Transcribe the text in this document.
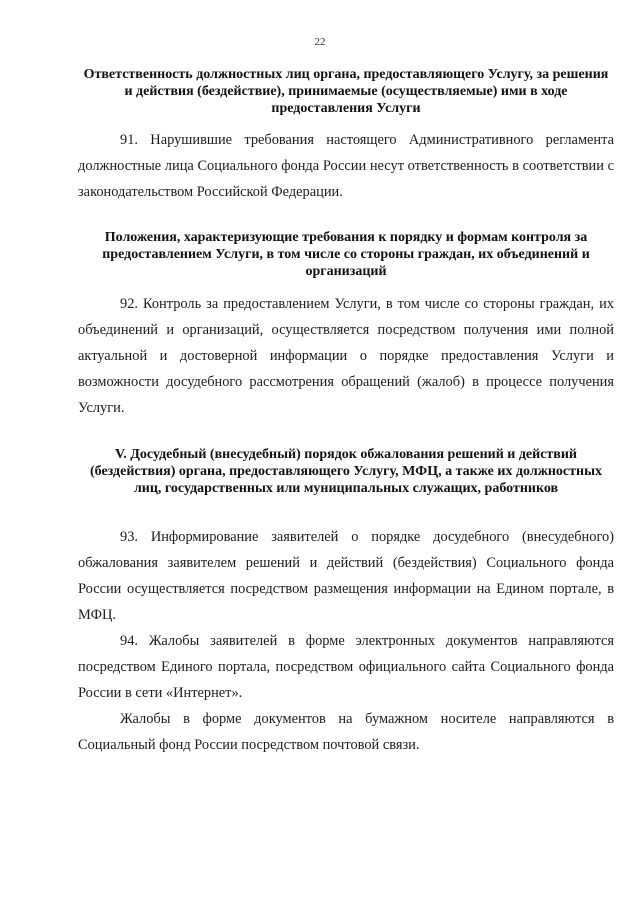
22
Ответственность должностных лиц органа, предоставляющего Услугу, за решения и действия (бездействие), принимаемые (осуществляемые) ими в ходе предоставления Услуги
91. Нарушившие требования настоящего Административного регламента должностные лица Социального фонда России несут ответственность в соответствии с законодательством Российской Федерации.
Положения, характеризующие требования к порядку и формам контроля за предоставлением Услуги, в том числе со стороны граждан, их объединений и организаций
92. Контроль за предоставлением Услуги, в том числе со стороны граждан, их объединений и организаций, осуществляется посредством получения ими полной актуальной и достоверной информации о порядке предоставления Услуги и возможности досудебного рассмотрения обращений (жалоб) в процессе получения Услуги.
V. Досудебный (внесудебный) порядок обжалования решений и действий (бездействия) органа, предоставляющего Услугу, МФЦ, а также их должностных лиц, государственных или муниципальных служащих, работников
93. Информирование заявителей о порядке досудебного (внесудебного) обжалования заявителем решений и действий (бездействия) Социального фонда России осуществляется посредством размещения информации на Едином портале, в МФЦ.
94. Жалобы заявителей в форме электронных документов направляются посредством Единого портала, посредством официального сайта Социального фонда России в сети «Интернет».
Жалобы в форме документов на бумажном носителе направляются в Социальный фонд России посредством почтовой связи.
